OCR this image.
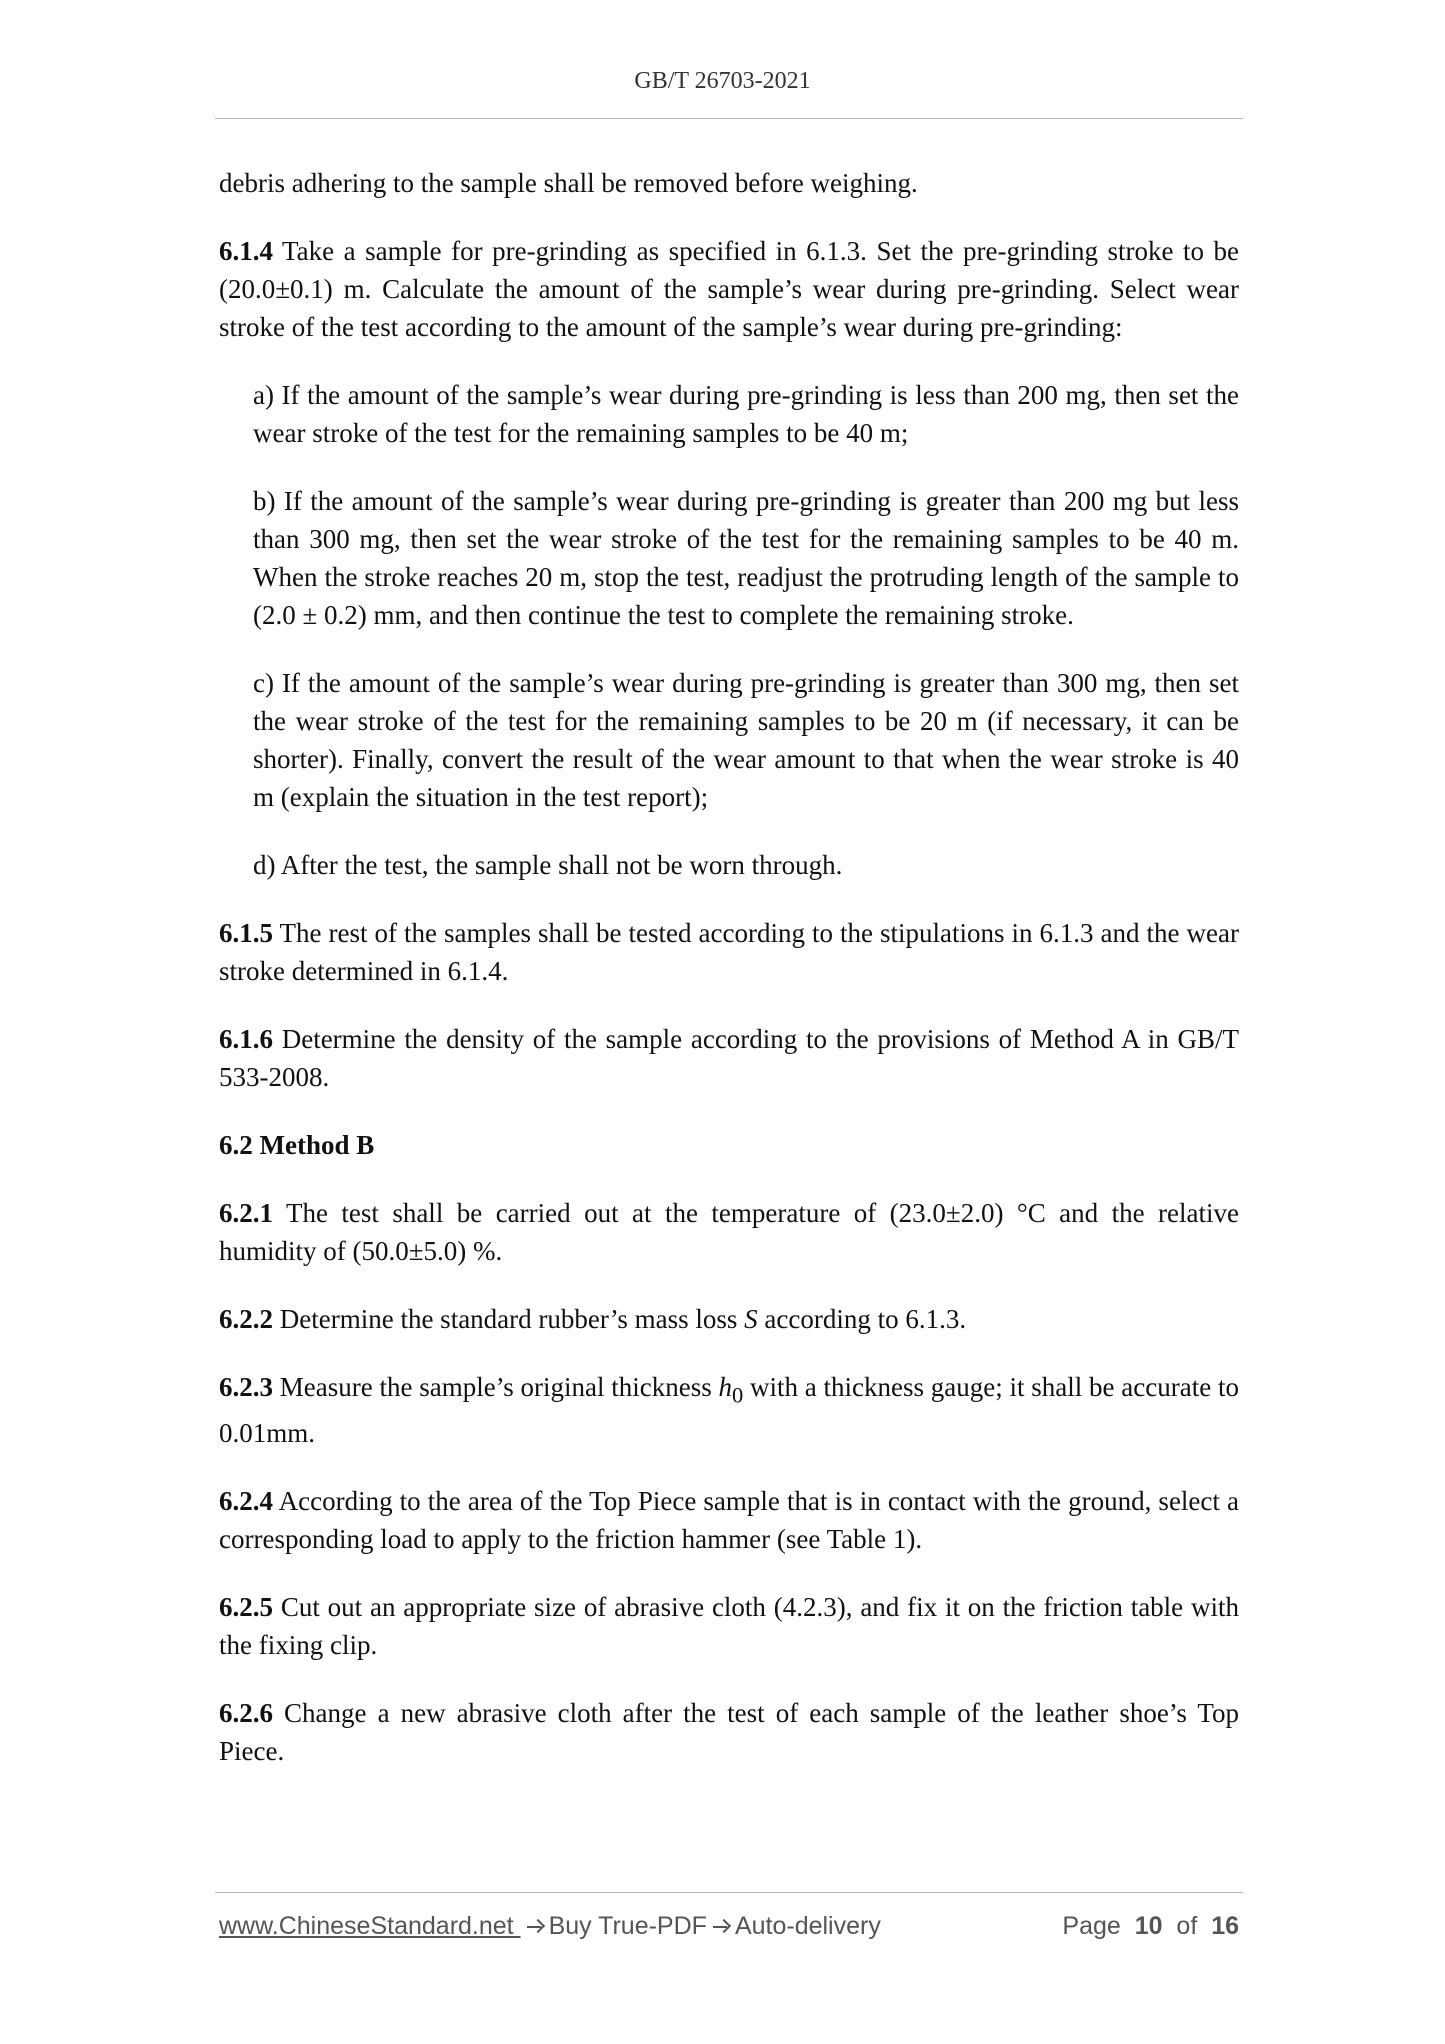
GB/T 26703-2021

debris adhering to the sample shall be removed before weighing.

6.1.4 Take a sample for pre-grinding as specified in 6.1.3. Set the pre-grinding stroke to be (20.0±0.1) m. Calculate the amount of the sample’s wear during pre-grinding. Select wear stroke of the test according to the amount of the sample’s wear during pre-grinding:

a) If the amount of the sample’s wear during pre-grinding is less than 200 mg, then set the wear stroke of the test for the remaining samples to be 40 m;

b) If the amount of the sample’s wear during pre-grinding is greater than 200 mg but less than 300 mg, then set the wear stroke of the test for the remaining samples to be 40 m. When the stroke reaches 20 m, stop the test, readjust the protruding length of the sample to (2.0 ± 0.2) mm, and then continue the test to complete the remaining stroke.

c) If the amount of the sample’s wear during pre-grinding is greater than 300 mg, then set the wear stroke of the test for the remaining samples to be 20 m (if necessary, it can be shorter). Finally, convert the result of the wear amount to that when the wear stroke is 40 m (explain the situation in the test report);

d) After the test, the sample shall not be worn through.

6.1.5 The rest of the samples shall be tested according to the stipulations in 6.1.3 and the wear stroke determined in 6.1.4.

6.1.6 Determine the density of the sample according to the provisions of Method A in GB/T 533-2008.

6.2 Method B

6.2.1 The test shall be carried out at the temperature of (23.0±2.0) °C and the relative humidity of (50.0±5.0) %.

6.2.2 Determine the standard rubber’s mass loss S according to 6.1.3.

6.2.3 Measure the sample’s original thickness $h_0$ with a thickness gauge; it shall be accurate to 0.01mm.

6.2.4 According to the area of the Top Piece sample that is in contact with the ground, select a corresponding load to apply to the friction hammer (see Table 1).

6.2.5 Cut out an appropriate size of abrasive cloth (4.2.3), and fix it on the friction table with the fixing clip.

6.2.6 Change a new abrasive cloth after the test of each sample of the leather shoe’s Top Piece.

www.ChineseStandard.net Buy True-PDF Auto-delivery	Page 10 of 16
